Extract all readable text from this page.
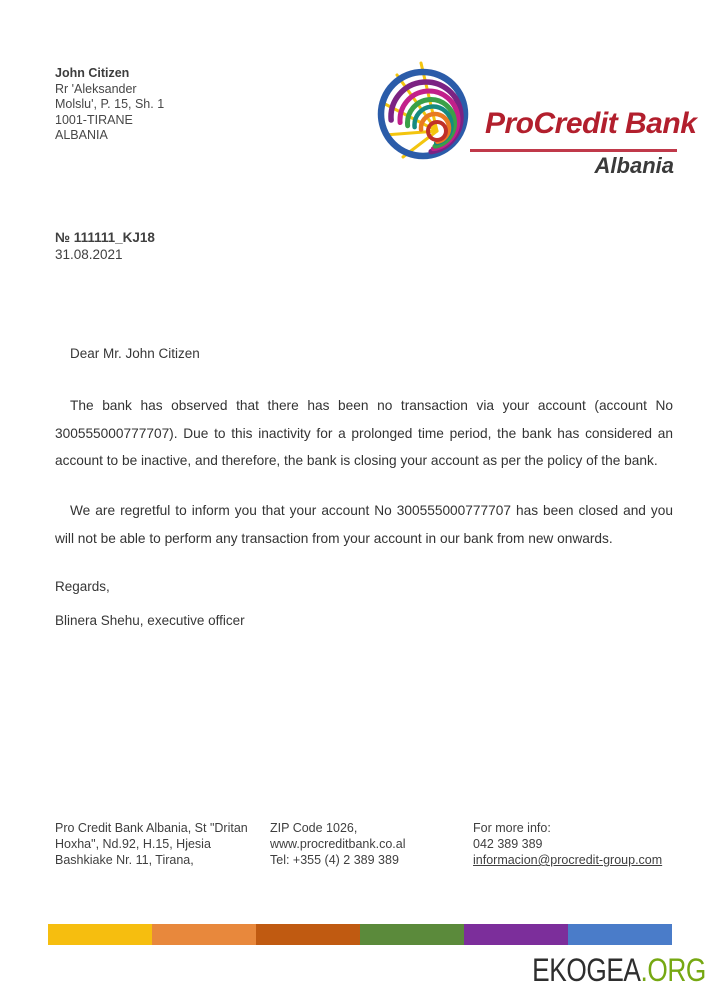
John Citizen
Rr 'Aleksander
Molslu', P. 15, Sh. 1
1001-TIRANE
ALBANIA	ProCredit Bank
Albania
№ 111111_KJ18
31.08.2021
Dear Mr. John Citizen

The bank has observed that there has been no transaction via your account (account No 300555000777707). Due to this inactivity for a prolonged time period, the bank has considered an account to be inactive, and therefore, the bank is closing your account as per the policy of the bank.

We are regretful to inform you that your account No 300555000777707 has been closed and you will not be able to perform any transaction from your account in our bank from new onwards.

Regards,
Blinera Shehu, executive officer
Pro Credit Bank Albania, St "Dritan
Hoxha", Nd.92, H.15, Hjesia
Bashkiake Nr. 11, Tirana,
ZIP Code 1026,
www.procreditbank.co.al
Tel: +355 (4) 2 389 389
For more info:
042 389 389
informacion@procredit-group.com
EKOGEA.ORG
